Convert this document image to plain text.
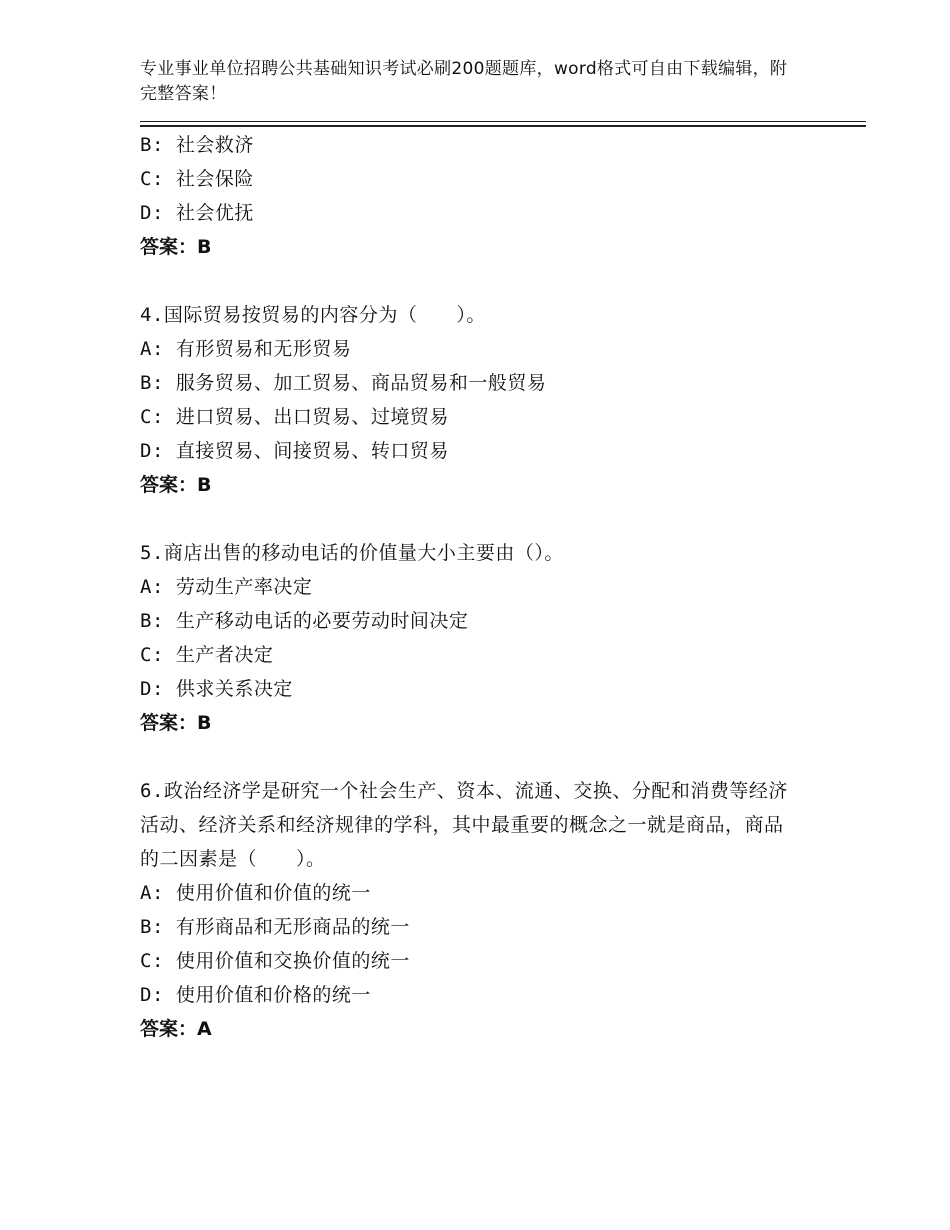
专业事业单位招聘公共基础知识考试必刷200题题库，word格式可自由下载编辑，附完整答案！
B: 社会救济
C: 社会保险
D: 社会优抚
答案：B
4.国际贸易按贸易的内容分为（　　）。
A: 有形贸易和无形贸易
B: 服务贸易、加工贸易、商品贸易和一般贸易
C: 进口贸易、出口贸易、过境贸易
D: 直接贸易、间接贸易、转口贸易
答案：B
5.商店出售的移动电话的价值量大小主要由（）。
A: 劳动生产率决定
B: 生产移动电话的必要劳动时间决定
C: 生产者决定
D: 供求关系决定
答案：B
6.政治经济学是研究一个社会生产、资本、流通、交换、分配和消费等经济活动、经济关系和经济规律的学科，其中最重要的概念之一就是商品，商品的二因素是（　　）。
A: 使用价值和价值的统一
B: 有形商品和无形商品的统一
C: 使用价值和交换价值的统一
D: 使用价值和价格的统一
答案：A
